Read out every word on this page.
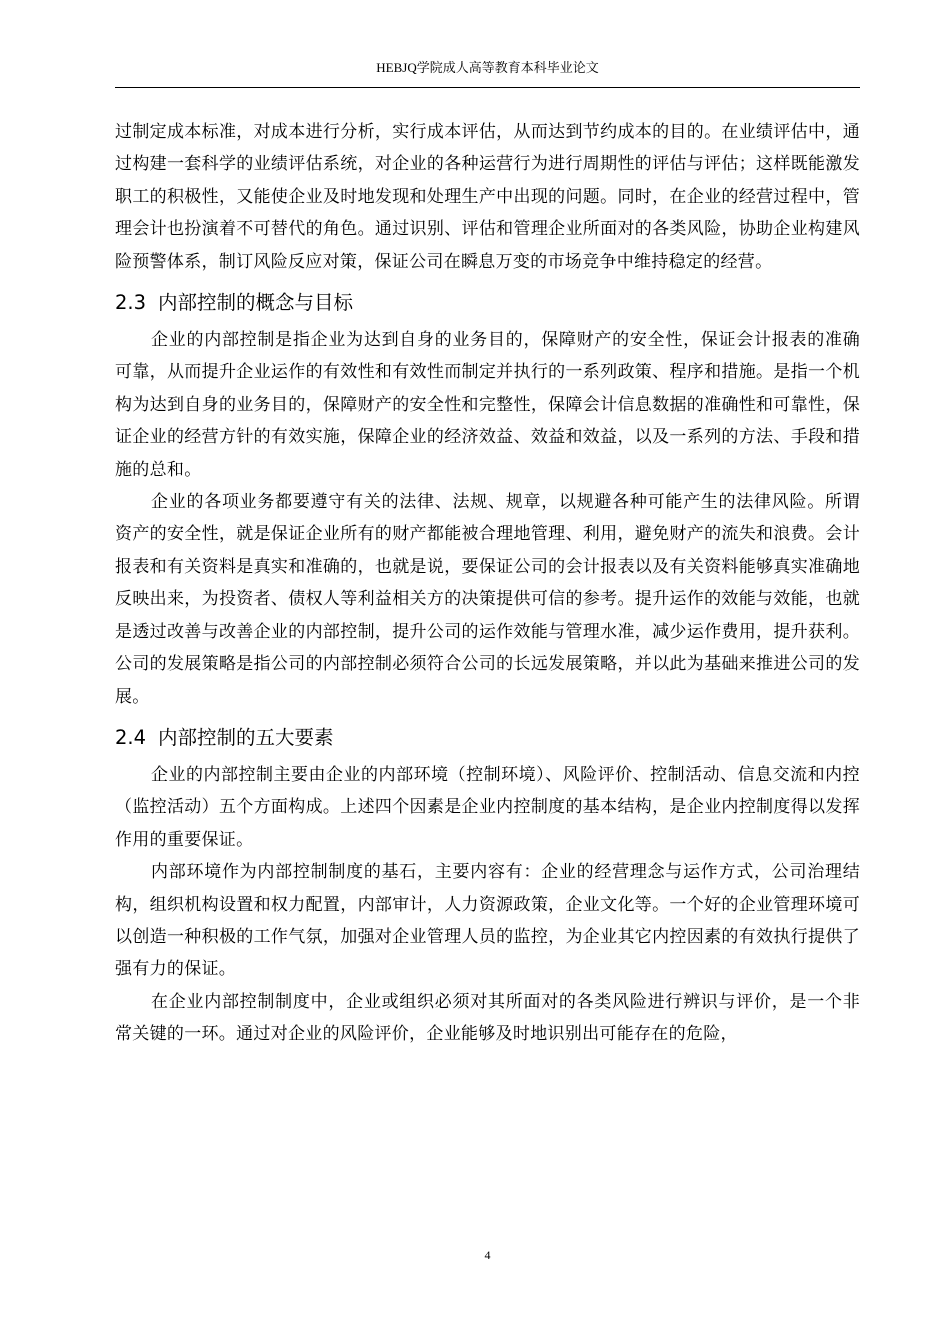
HEBJQ学院成人高等教育本科毕业论文

过制定成本标准，对成本进行分析，实行成本评估，从而达到节约成本的目的。在业绩评估中，通过构建一套科学的业绩评估系统，对企业的各种运营行为进行周期性的评估与评估；这样既能激发职工的积极性，又能使企业及时地发现和处理生产中出现的问题。同时，在企业的经营过程中，管理会计也扮演着不可替代的角色。通过识别、评估和管理企业所面对的各类风险，协助企业构建风险预警体系，制订风险反应对策，保证公司在瞬息万变的市场竞争中维持稳定的经营。

2.3 内部控制的概念与目标

企业的内部控制是指企业为达到自身的业务目的，保障财产的安全性，保证会计报表的准确可靠，从而提升企业运作的有效性和有效性而制定并执行的一系列政策、程序和措施。是指一个机构为达到自身的业务目的，保障财产的安全性和完整性，保障会计信息数据的准确性和可靠性，保证企业的经营方针的有效实施，保障企业的经济效益、效益和效益，以及一系列的方法、手段和措施的总和。

企业的各项业务都要遵守有关的法律、法规、规章，以规避各种可能产生的法律风险。所谓资产的安全性，就是保证企业所有的财产都能被合理地管理、利用，避免财产的流失和浪费。会计报表和有关资料是真实和准确的，也就是说，要保证公司的会计报表以及有关资料能够真实准确地反映出来，为投资者、债权人等利益相关方的决策提供可信的参考。提升运作的效能与效能，也就是透过改善与改善企业的内部控制，提升公司的运作效能与管理水准，减少运作费用，提升获利。公司的发展策略是指公司的内部控制必须符合公司的长远发展策略，并以此为基础来推进公司的发展。

2.4 内部控制的五大要素

企业的内部控制主要由企业的内部环境（控制环境）、风险评价、控制活动、信息交流和内控（监控活动）五个方面构成。上述四个因素是企业内控制度的基本结构，是企业内控制度得以发挥作用的重要保证。

内部环境作为内部控制制度的基石，主要内容有：企业的经营理念与运作方式，公司治理结构，组织机构设置和权力配置，内部审计，人力资源政策，企业文化等。一个好的企业管理环境可以创造一种积极的工作气氛，加强对企业管理人员的监控，为企业其它内控因素的有效执行提供了强有力的保证。

在企业内部控制制度中，企业或组织必须对其所面对的各类风险进行辨识与评价，是一个非常关键的一环。通过对企业的风险评价，企业能够及时地识别出可能存在的危险，

4
